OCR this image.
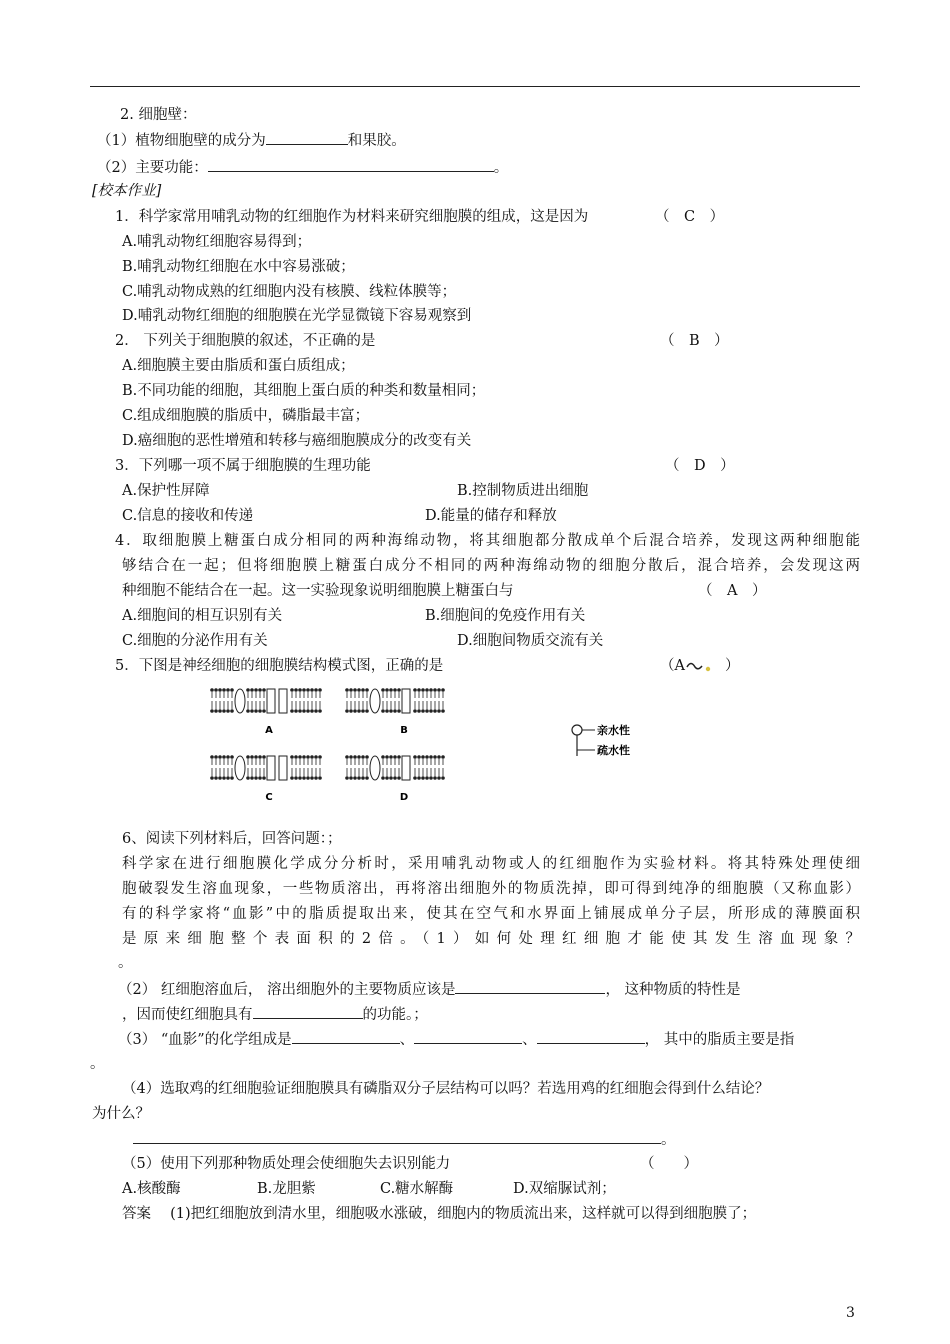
2. 细胞壁：
（1）植物细胞壁的成分为	和果胶。
（2）主要功能：	。
[校本作业]
1．科学家常用哺乳动物的红细胞作为材料来研究细胞膜的组成，这是因为	（　C　）
A.哺乳动物红细胞容易得到；
B.哺乳动物红细胞在水中容易涨破；
C.哺乳动物成熟的红细胞内没有核膜、线粒体膜等；
D.哺乳动物红细胞的细胞膜在光学显微镜下容易观察到
2． 下列关于细胞膜的叙述，不正确的是	（　B　）
A.细胞膜主要由脂质和蛋白质组成；
B.不同功能的细胞，其细胞上蛋白质的种类和数量相同；
C.组成细胞膜的脂质中，磷脂最丰富；
D.癌细胞的恶性增殖和转移与癌细胞膜成分的改变有关
3．下列哪一项不属于细胞膜的生理功能	（　D　）
A.保护性屏障	B.控制物质进出细胞
C.信息的接收和传递	D.能量的储存和释放
4．取细胞膜上糖蛋白成分相同的两种海绵动物，将其细胞都分散成单个后混合培养，发现这两种细胞能
够结合在一起；但将细胞膜上糖蛋白成分不相同的两种海绵动物的细胞分散后，混合培养，会发现这两
种细胞不能结合在一起。这一实验现象说明细胞膜上糖蛋白与	（　A　）
A.细胞间的相互识别有关	B.细胞间的免疫作用有关
C.细胞的分泌作用有关	D.细胞间物质交流有关
5．下图是神经细胞的细胞膜结构模式图，正确的是	（A	）
A	B
C	D
亲水性
疏水性
6、阅读下列材料后，回答问题：；
科学家在进行细胞膜化学成分分析时，采用哺乳动物或人的红细胞作为实验材料。将其特殊处理使细
胞破裂发生溶血现象，一些物质溶出，再将溶出细胞外的物质洗掉，即可得到纯净的细胞膜（又称血影）
有的科学家将“血影”中的脂质提取出来，使其在空气和水界面上铺展成单分子层，所形成的薄膜面积
是原来细胞整个表面积的2倍。（1）如何处理红细胞才能使其发生溶血现象？
。
（2） 红细胞溶血后， 溶出细胞外的主要物质应该是	， 这种物质的特性是
，因而使红细胞具有	的功能。；
（3） “血影”的化学组成是	、	、	， 其中的脂质主要是指
。
（4）选取鸡的红细胞验证细胞膜具有磷脂双分子层结构可以吗？若选用鸡的红细胞会得到什么结论？
为什么？
。
（5）使用下列那种物质处理会使细胞失去识别能力	（　　）
A.核酸酶	B.龙胆紫	C.糖水解酶	D.双缩脲试剂；
答案　 (1)把红细胞放到清水里，细胞吸水涨破，细胞内的物质流出来，这样就可以得到细胞膜了；
3
